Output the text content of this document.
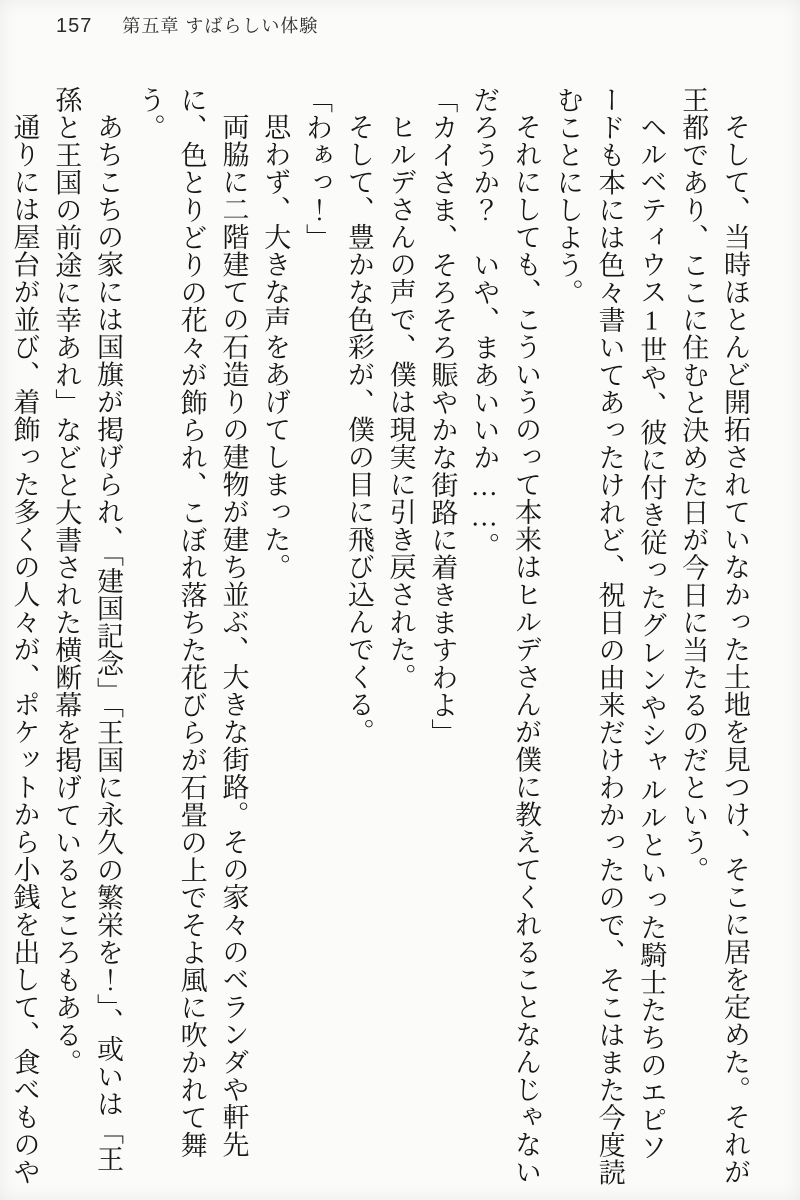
157 第五章 すばらしい体験

そして、当時ほとんど開拓されていなかった土地を見つけ、そこに居を定めた。それが王都であり、ここに住むと決めた日が今日に当たるのだという。

ヘルベティウス1世や、彼に付き従ったグレンやシャルルといった騎士たちのエピソードも本には色々書いてあったけれど、祝日の由来だけわかったので、そこはまた今度読むことにしよう。

それにしても、こういうのって本来はヒルデさんが僕に教えてくれることなんじゃないだろうか？　いや、まあいいか……。

「カイさま、そろそろ賑やかな街路に着きますわよ」

ヒルデさんの声で、僕は現実に引き戻された。

そして、豊かな色彩が、僕の目に飛び込んでくる。

「わぁっ！」

思わず、大きな声をあげてしまった。

両脇に二階建ての石造りの建物が建ち並ぶ、大きな街路。その家々のベランダや軒先に、色とりどりの花々が飾られ、こぼれ落ちた花びらが石畳の上でそよ風に吹かれて舞う。

あちこちの家には国旗が掲げられ、「建国記念」「王国に永久の繁栄を！」、或いは「王孫と王国の前途に幸あれ」などと大書された横断幕を掲げているところもある。

通りには屋台が並び、着飾った多くの人々が、ポケットから小銭を出して、食べものや
